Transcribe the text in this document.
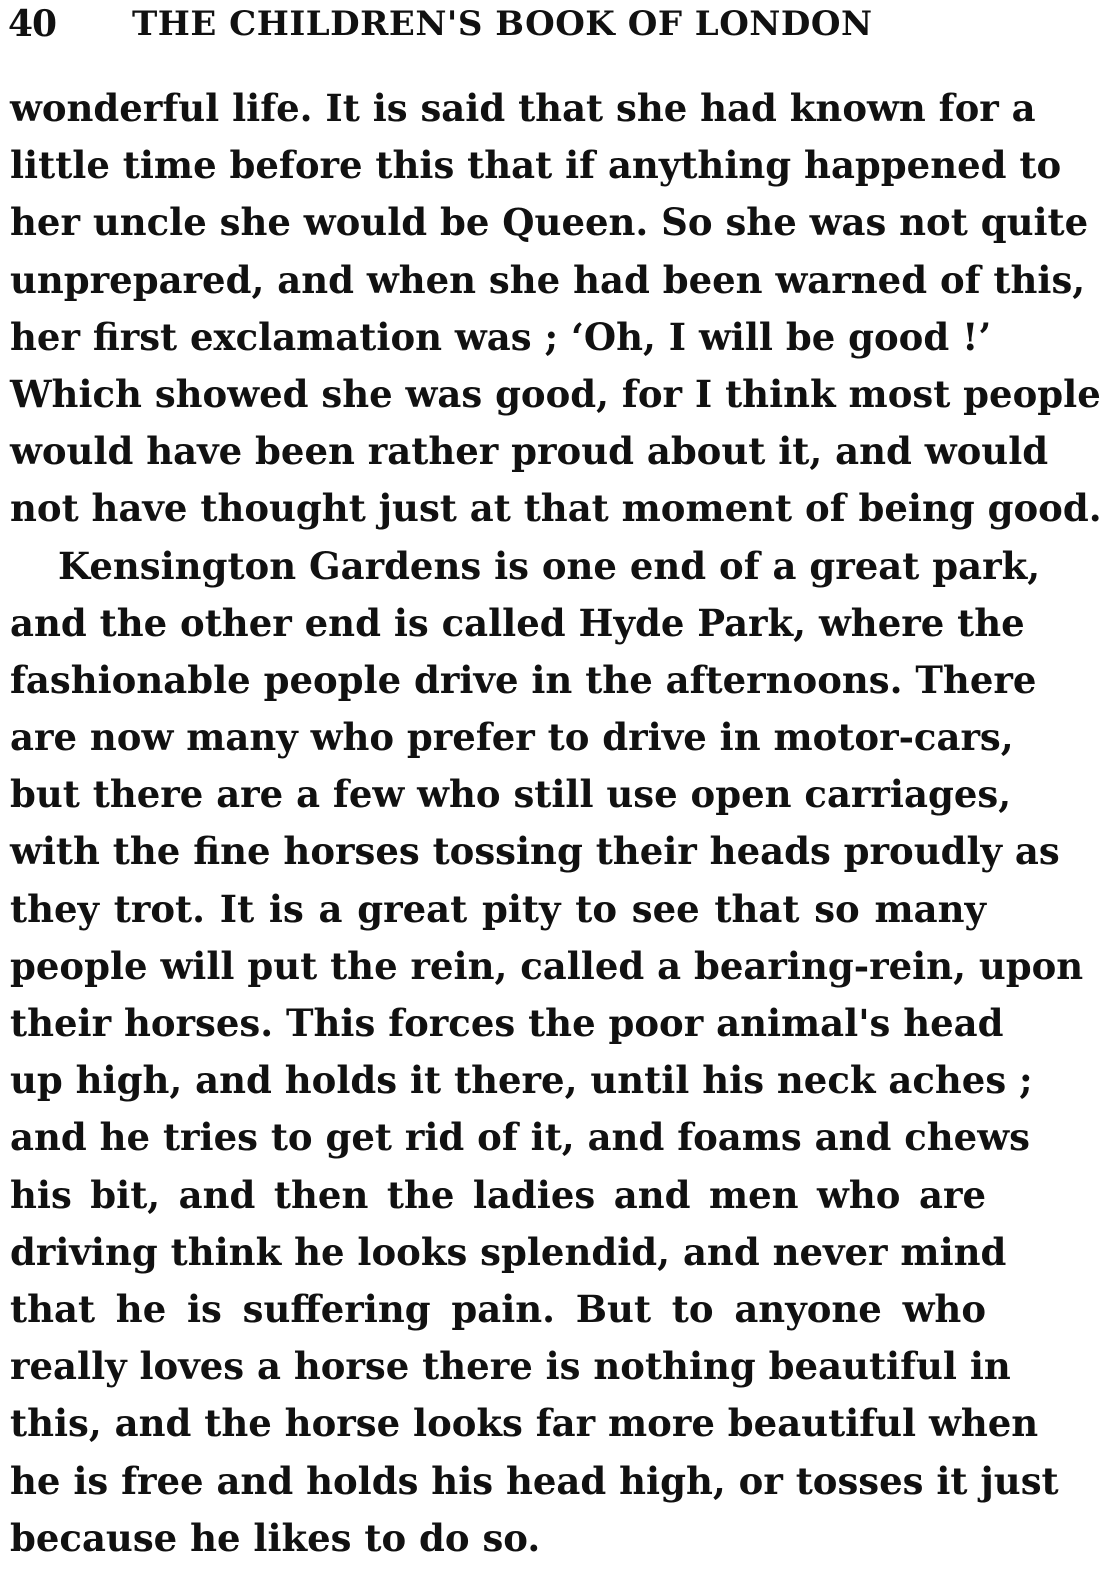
40 THE CHILDREN'S BOOK OF LONDON
wonderful life. It is said that she had known for a
little time before this that if anything happened to
her uncle she would be Queen. So she was not quite
unprepared, and when she had been warned of this,
her first exclamation was ; ‘Oh, I will be good !’
Which showed she was good, for I think most people
would have been rather proud about it, and would
not have thought just at that moment of being good.
Kensington Gardens is one end of a great park,
and the other end is called Hyde Park, where the
fashionable people drive in the afternoons. There
are now many who prefer to drive in motor-cars,
but there are a few who still use open carriages,
with the fine horses tossing their heads proudly as
they trot. It is a great pity to see that so many
people will put the rein, called a bearing-rein, upon
their horses. This forces the poor animal's head
up high, and holds it there, until his neck aches ;
and he tries to get rid of it, and foams and chews
his bit, and then the ladies and men who are
driving think he looks splendid, and never mind
that he is suffering pain. But to anyone who
really loves a horse there is nothing beautiful in
this, and the horse looks far more beautiful when
he is free and holds his head high, or tosses it just
because he likes to do so.
